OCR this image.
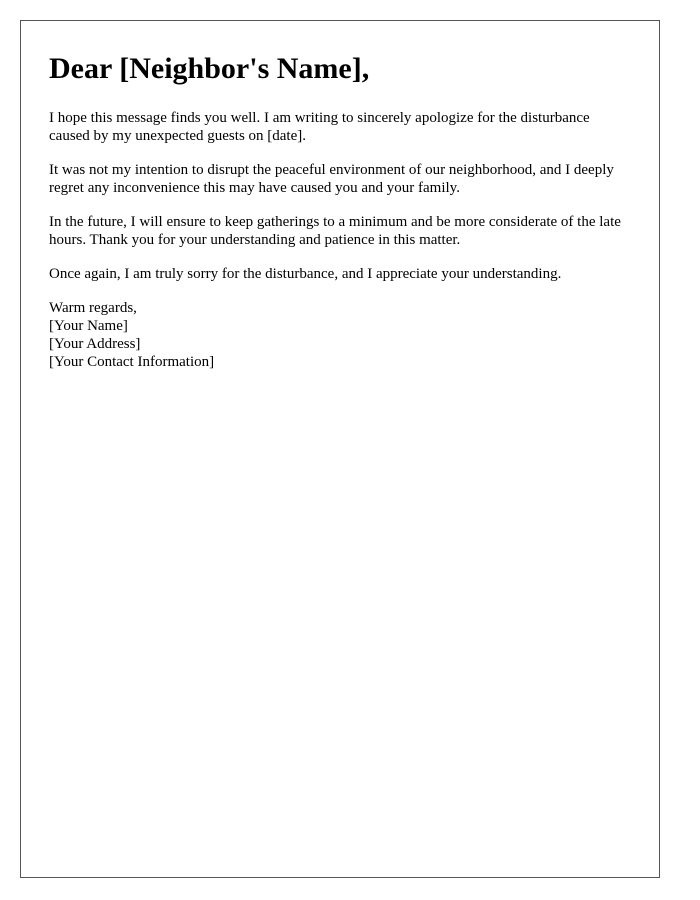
Dear [Neighbor's Name],

I hope this message finds you well. I am writing to sincerely apologize for the disturbance caused by my unexpected guests on [date].

It was not my intention to disrupt the peaceful environment of our neighborhood, and I deeply regret any inconvenience this may have caused you and your family.

In the future, I will ensure to keep gatherings to a minimum and be more considerate of the late hours. Thank you for your understanding and patience in this matter.

Once again, I am truly sorry for the disturbance, and I appreciate your understanding.

Warm regards,
[Your Name]
[Your Address]
[Your Contact Information]
